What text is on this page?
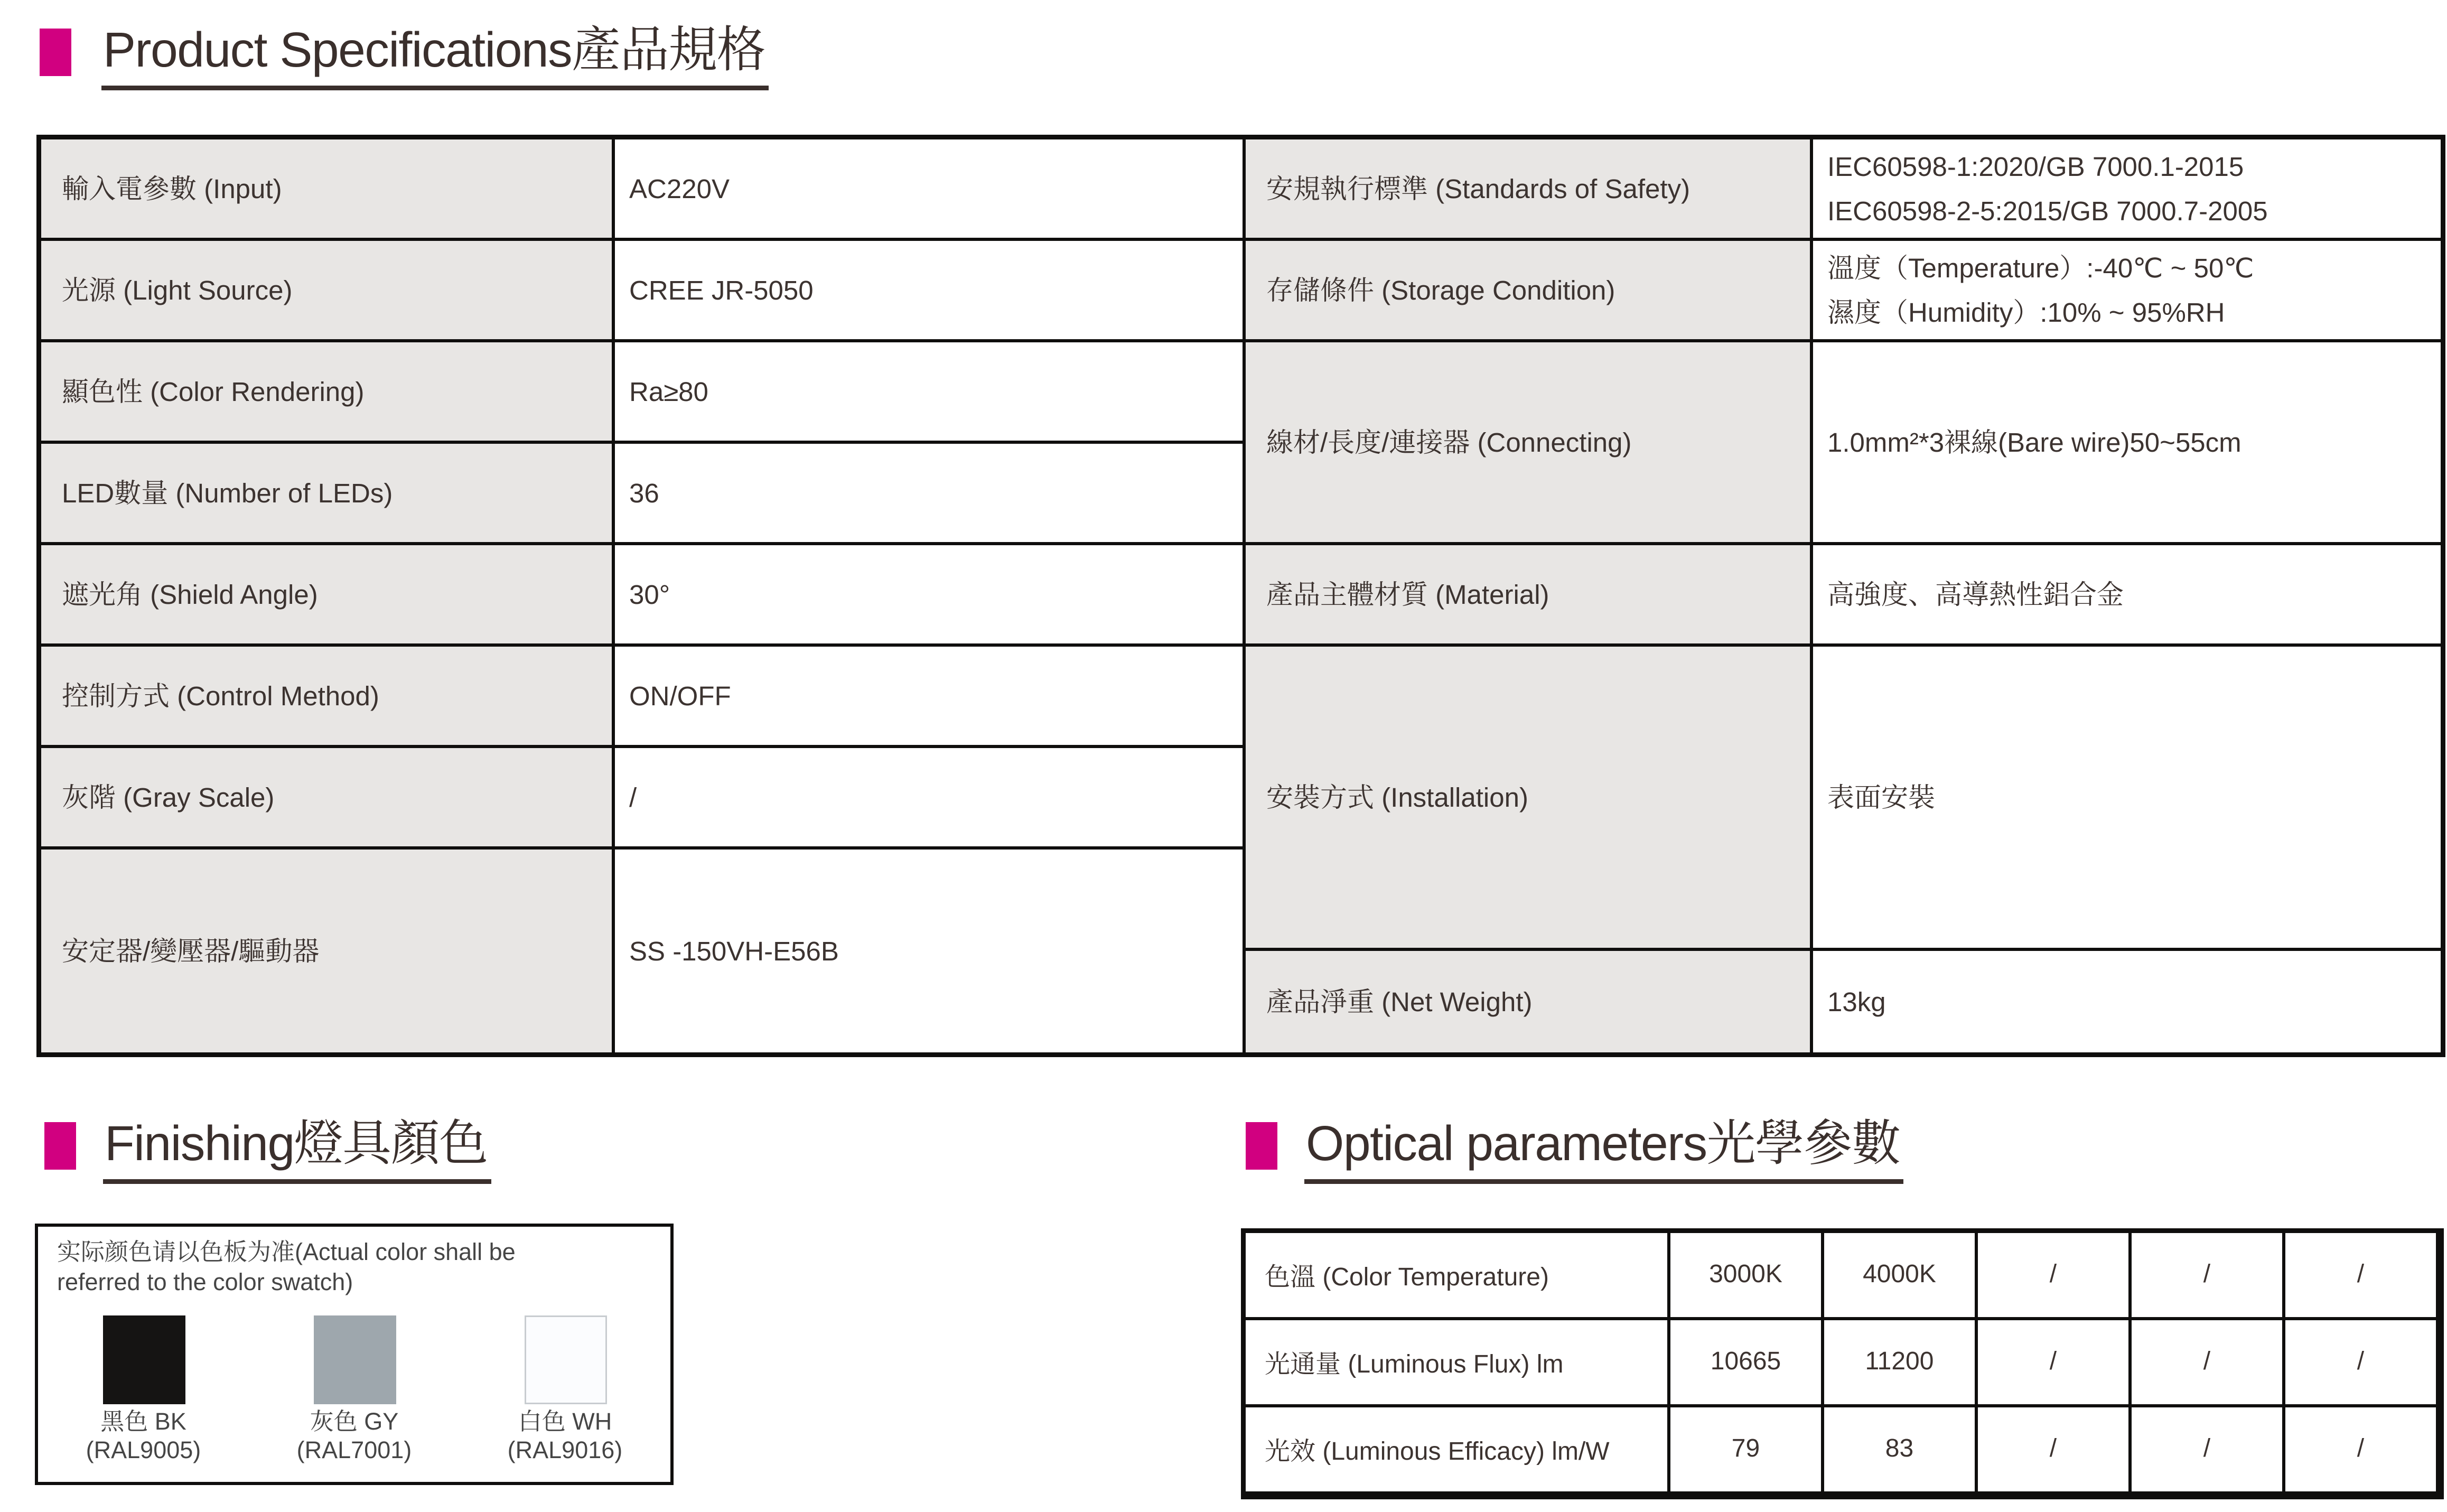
Product Specifications產品規格
輸入電參數 (Input)	AC220V
光源 (Light Source)	CREE JR-5050
顯色性 (Color Rendering)	Ra≥80
LED數量 (Number of LEDs)	36
遮光角 (Shield Angle)	30°
控制方式 (Control Method)	ON/OFF
灰階 (Gray Scale)	/
安定器/變壓器/驅動器	SS -150VH-E56B
安規執行標準 (Standards of Safety)
IEC60598-1:2020/GB 7000.1-2015
IEC60598-2-5:2015/GB 7000.7-2005
存儲條件 (Storage Condition)
溫度（Temperature）:-40℃ ~ 50℃
濕度（Humidity）:10% ~ 95%RH
線材/長度/連接器 (Connecting)	1.0mm²*3裸線(Bare wire)50~55cm
產品主體材質 (Material)	高強度、高導熱性鋁合金
安裝方式 (Installation)	表面安裝
產品淨重 (Net Weight)	13kg
Finishing燈具顏色	Optical parameters光學參數
实际颜色请以色板为准(Actual color shall be
referred to the color swatch)
黑色 BK
(RAL9005)
灰色 GY
(RAL7001)
白色 WH
(RAL9016)
色溫 (Color Temperature)	3000K	4000K	/	/	/
光通量 (Luminous Flux) lm	10665	11200	/	/	/
光效 (Luminous Efficacy) lm/W	79	83	/	/	/
